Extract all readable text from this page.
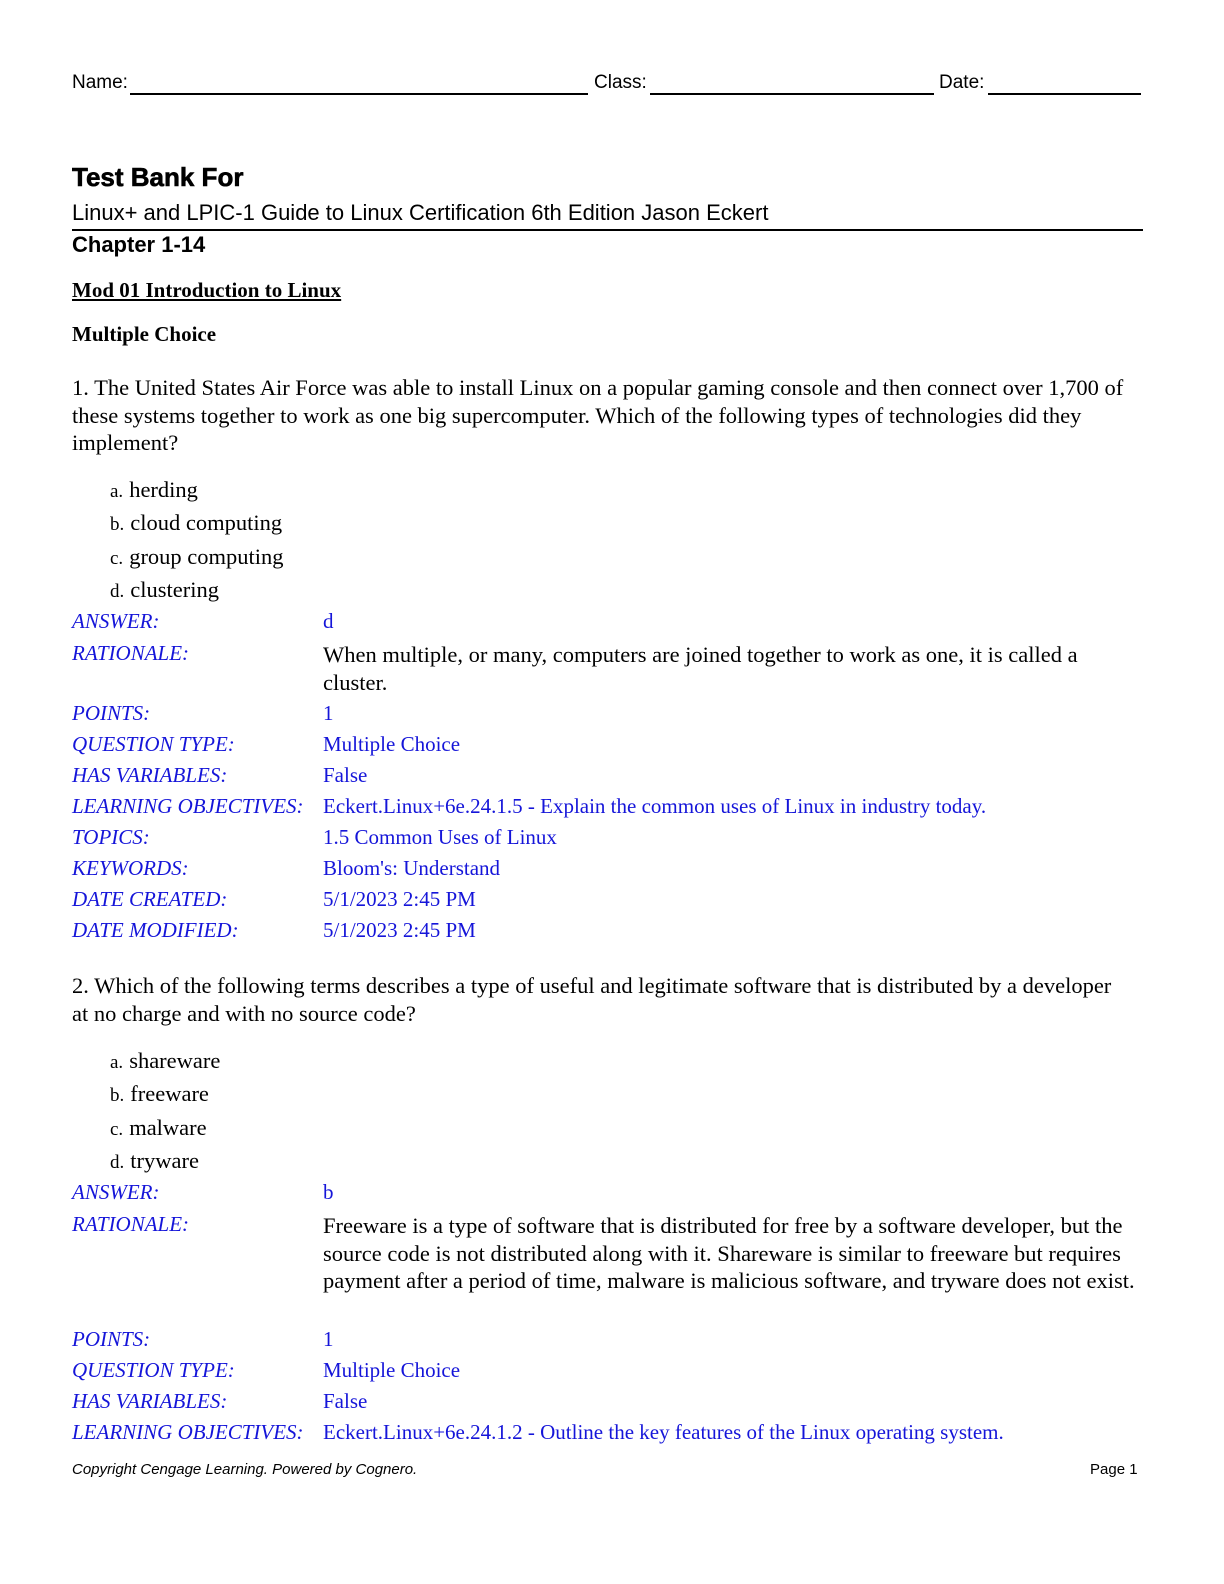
Name:	Class:	Date:
Test Bank For
Linux+ and LPIC-1 Guide to Linux Certification 6th Edition Jason Eckert
Chapter 1-14
Mod 01 Introduction to Linux
Multiple Choice
1. The United States Air Force was able to install Linux on a popular gaming console and then connect over 1,700 of these systems together to work as one big supercomputer. Which of the following types of technologies did they implement?
a. herding
b. cloud computing
c. group computing
d. clustering
ANSWER:	d
RATIONALE:	When multiple, or many, computers are joined together to work as one, it is called a cluster.
POINTS:	1
QUESTION TYPE:	Multiple Choice
HAS VARIABLES:	False
LEARNING OBJECTIVES: Eckert.Linux+6e.24.1.5 - Explain the common uses of Linux in industry today.
TOPICS:	1.5 Common Uses of Linux
KEYWORDS:	Bloom's: Understand
DATE CREATED:	5/1/2023 2:45 PM
DATE MODIFIED:	5/1/2023 2:45 PM
2. Which of the following terms describes a type of useful and legitimate software that is distributed by a developer at no charge and with no source code?
a. shareware
b. freeware
c. malware
d. tryware
ANSWER:	b
RATIONALE:	Freeware is a type of software that is distributed for free by a software developer, but the source code is not distributed along with it. Shareware is similar to freeware but requires payment after a period of time, malware is malicious software, and tryware does not exist.
POINTS:	1
QUESTION TYPE:	Multiple Choice
HAS VARIABLES:	False
LEARNING OBJECTIVES: Eckert.Linux+6e.24.1.2 - Outline the key features of the Linux operating system.
Copyright Cengage Learning. Powered by Cognero.	Page 1
